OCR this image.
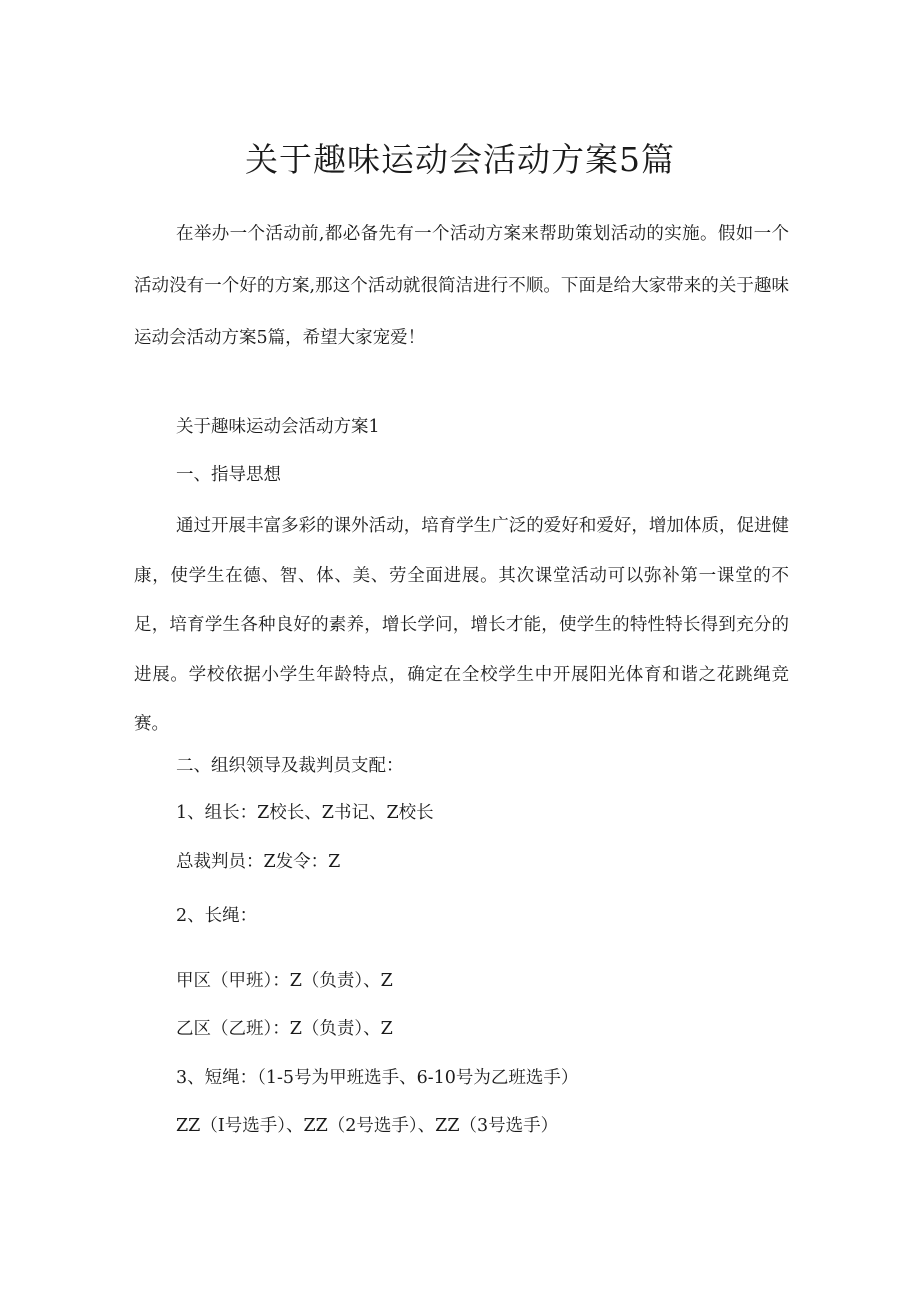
关于趣味运动会活动方案5篇

在举办一个活动前,都必备先有一个活动方案来帮助策划活动的实施。假如一个活动没有一个好的方案,那这个活动就很简洁进行不顺。下面是给大家带来的关于趣味运动会活动方案5篇，希望大家宠爱！

关于趣味运动会活动方案1

一、指导思想

通过开展丰富多彩的课外活动，培育学生广泛的爱好和爱好，增加体质，促进健康，使学生在德、智、体、美、劳全面进展。其次课堂活动可以弥补第一课堂的不足，培育学生各种良好的素养，增长学问，增长才能，使学生的特性特长得到充分的进展。学校依据小学生年龄特点，确定在全校学生中开展阳光体育和谐之花跳绳竞赛。

二、组织领导及裁判员支配：

1、组长：Z校长、Z书记、Z校长

总裁判员：Z发令：Z

2、长绳：

甲区（甲班）：Z（负责）、Z

乙区（乙班）：Z（负责）、Z

3、短绳：（1-5号为甲班选手、6-10号为乙班选手）

ZZ（I号选手）、ZZ（2号选手）、ZZ（3号选手）
